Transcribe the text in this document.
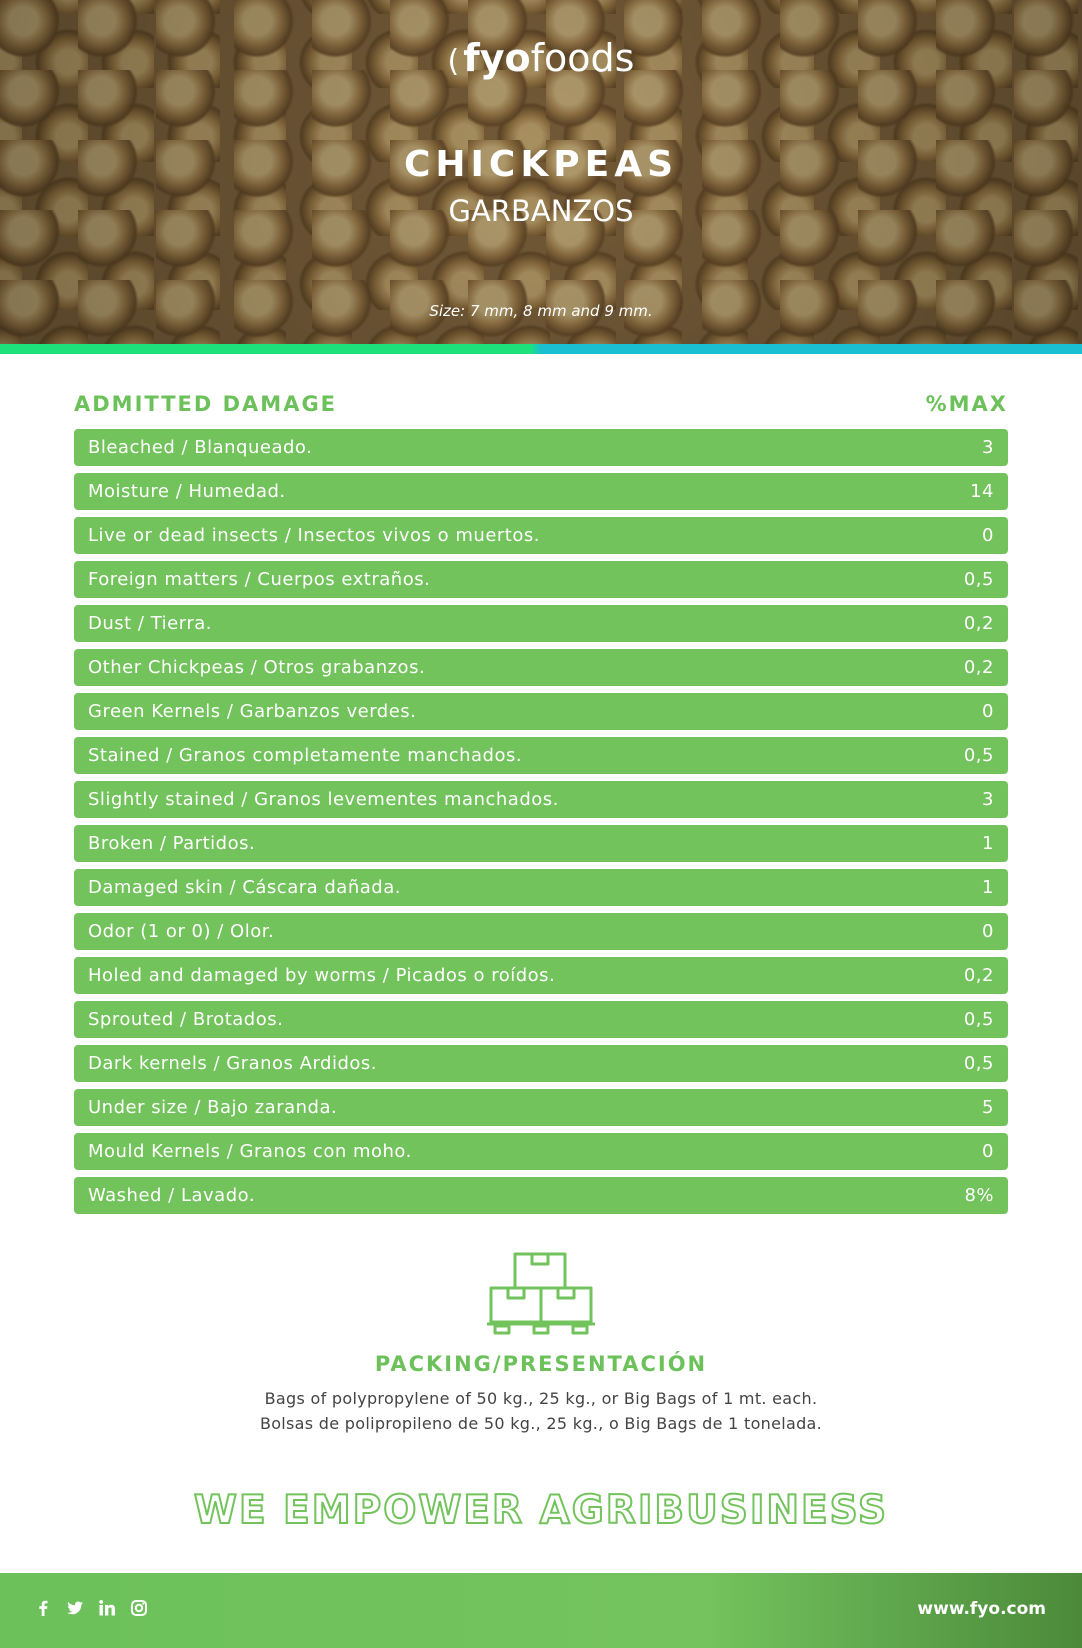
( fyofoods
CHICKPEAS
GARBANZOS
Size: 7 mm, 8 mm and 9 mm.
ADMITTED DAMAGE	%MAX
Bleached / Blanqueado.	3
Moisture / Humedad.	14
Live or dead insects / Insectos vivos o muertos.	0
Foreign matters / Cuerpos extraños.	0,5
Dust / Tierra.	0,2
Other Chickpeas / Otros grabanzos.	0,2
Green Kernels / Garbanzos verdes.	0
Stained / Granos completamente manchados.	0,5
Slightly stained / Granos levementes manchados.	3
Broken / Partidos.	1
Damaged skin / Cáscara dañada.	1
Odor (1 or 0) / Olor.	0
Holed and damaged by worms / Picados o roídos.	0,2
Sprouted / Brotados.	0,5
Dark kernels / Granos Ardidos.	0,5
Under size / Bajo zaranda.	5
Mould Kernels / Granos con moho.	0
Washed / Lavado.	8%
PACKING/PRESENTACIÓN
Bags of polypropylene of 50 kg., 25 kg., or Big Bags of 1 mt. each.
Bolsas de polipropileno de 50 kg., 25 kg., o Big Bags de 1 tonelada.
WE EMPOWER AGRIBUSINESS
www.fyo.com
